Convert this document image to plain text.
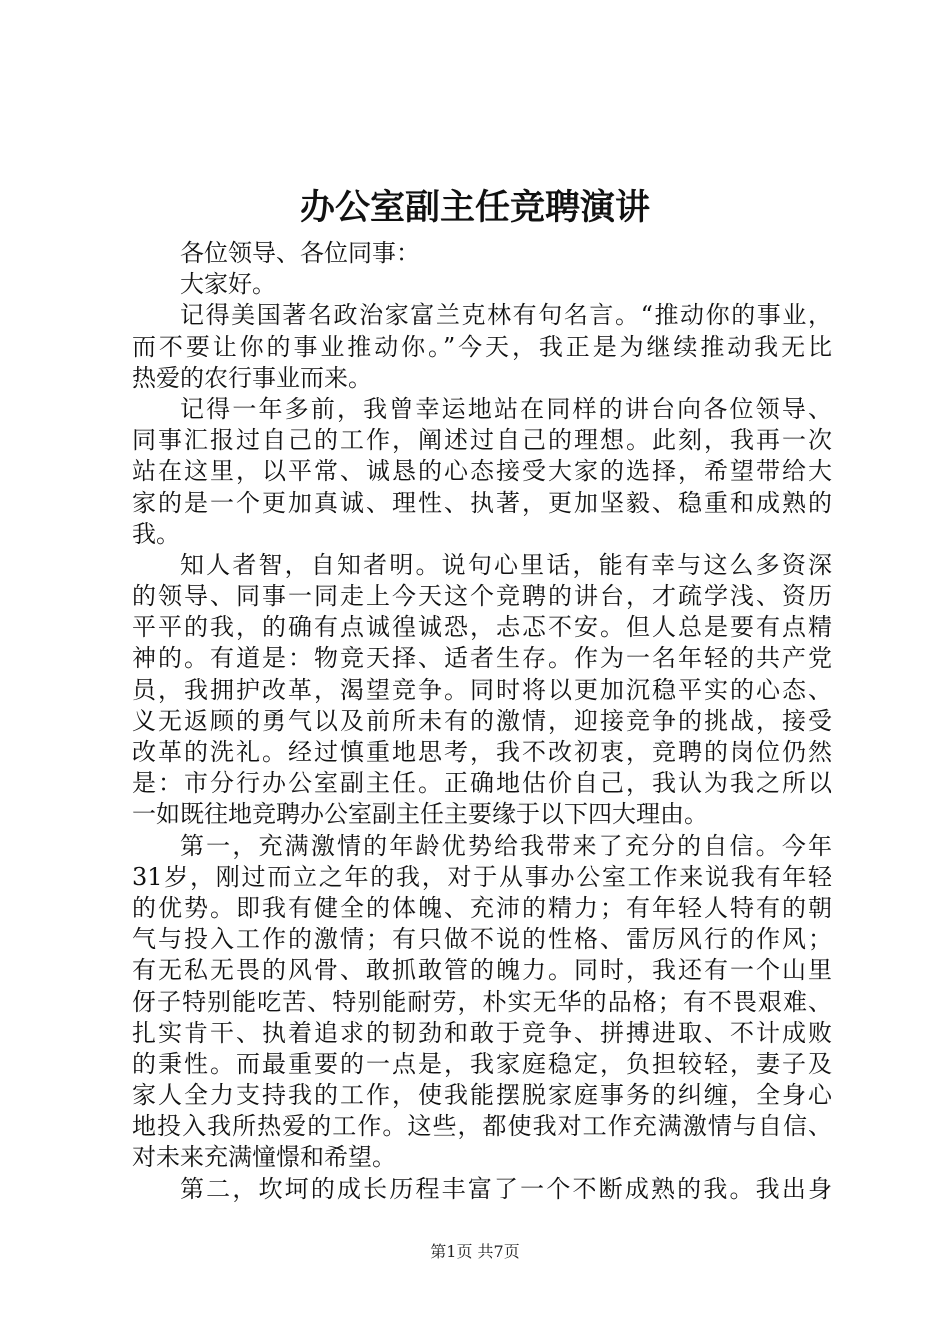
办公室副主任竞聘演讲

各位领导、各位同事：

大家好。

记得美国著名政治家富兰克林有句名言。“推动你的事业，

而不要让你的事业推动你。”今天，我正是为继续推动我无比

热爱的农行事业而来。

记得一年多前，我曾幸运地站在同样的讲台向各位领导、

同事汇报过自己的工作，阐述过自己的理想。此刻，我再一次

站在这里，以平常、诚恳的心态接受大家的选择，希望带给大

家的是一个更加真诚、理性、执著，更加坚毅、稳重和成熟的

我。

知人者智，自知者明。说句心里话，能有幸与这么多资深

的领导、同事一同走上今天这个竞聘的讲台，才疏学浅、资历

平平的我，的确有点诚徨诚恐，忐忑不安。但人总是要有点精

神的。有道是：物竞天择、适者生存。作为一名年轻的共产党

员，我拥护改革，渴望竞争。同时将以更加沉稳平实的心态、

义无返顾的勇气以及前所未有的激情，迎接竞争的挑战，接受

改革的洗礼。经过慎重地思考，我不改初衷，竞聘的岗位仍然

是：市分行办公室副主任。正确地估价自己，我认为我之所以

一如既往地竞聘办公室副主任主要缘于以下四大理由。

第一，充满激情的年龄优势给我带来了充分的自信。今年

31岁，刚过而立之年的我，对于从事办公室工作来说我有年轻

的优势。即我有健全的体魄、充沛的精力；有年轻人特有的朝

气与投入工作的激情；有只做不说的性格、雷厉风行的作风；

有无私无畏的风骨、敢抓敢管的魄力。同时，我还有一个山里

伢子特别能吃苦、特别能耐劳，朴实无华的品格；有不畏艰难、

扎实肯干、执着追求的韧劲和敢于竞争、拼搏进取、不计成败

的秉性。而最重要的一点是，我家庭稳定，负担较轻，妻子及

家人全力支持我的工作，使我能摆脱家庭事务的纠缠，全身心

地投入我所热爱的工作。这些，都使我对工作充满激情与自信、

对未来充满憧憬和希望。

第二，坎坷的成长历程丰富了一个不断成熟的我。我出身

第1页 共7页
